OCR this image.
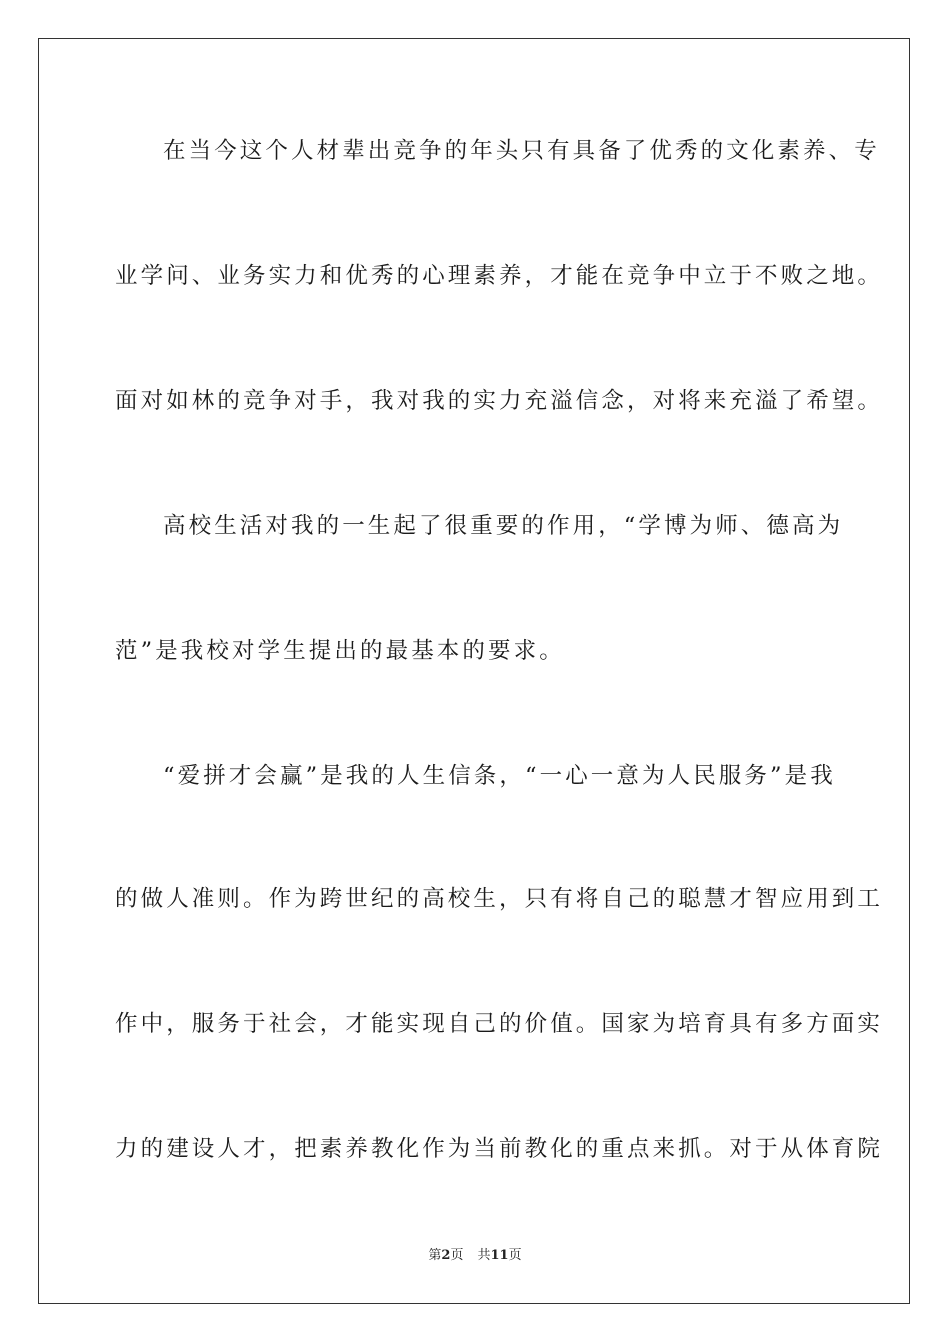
在当今这个人材辈出竞争的年头只有具备了优秀的文化素养、专
业学问、业务实力和优秀的心理素养，才能在竞争中立于不败之地。
面对如林的竞争对手，我对我的实力充溢信念，对将来充溢了希望。
高校生活对我的一生起了很重要的作用，“学博为师、德高为
范”是我校对学生提出的最基本的要求。
“爱拼才会赢”是我的人生信条，“一心一意为人民服务”是我
的做人准则。作为跨世纪的高校生，只有将自己的聪慧才智应用到工
作中，服务于社会，才能实现自己的价值。国家为培育具有多方面实
力的建设人才，把素养教化作为当前教化的重点来抓。对于从体育院
第2页 共11页
